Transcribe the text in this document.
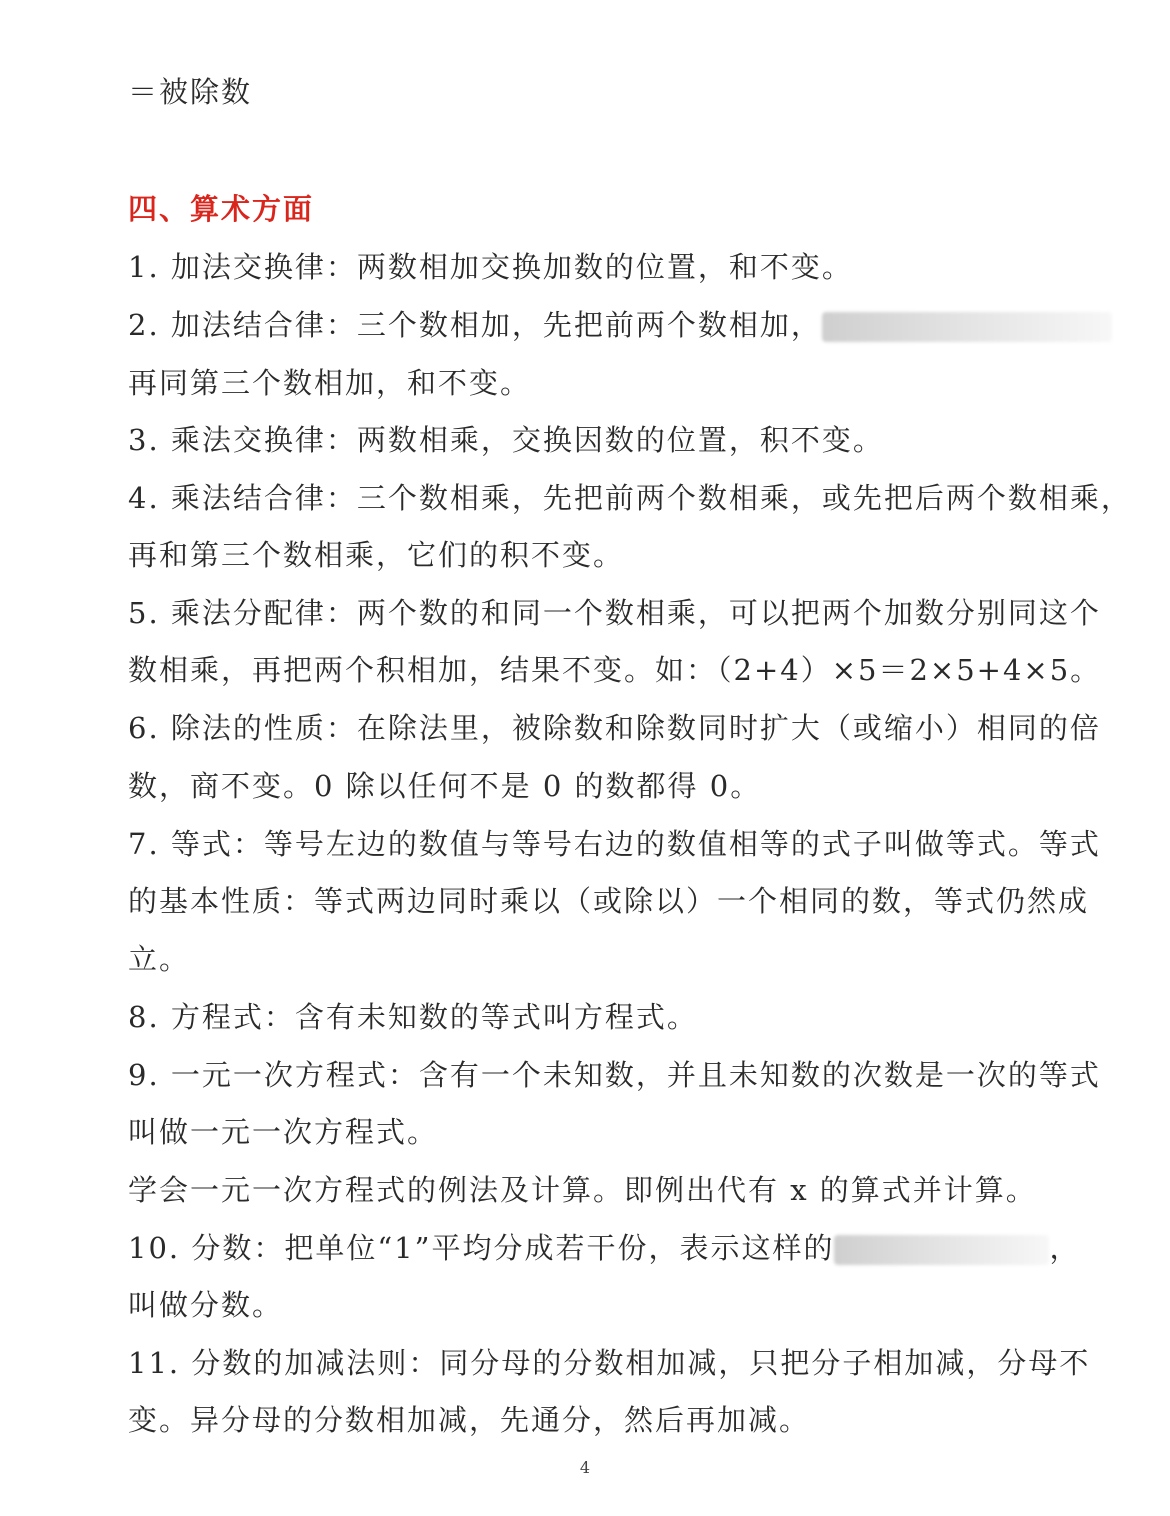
＝被除数
四、算术方面
1. 加法交换律：两数相加交换加数的位置，和不变。
2. 加法结合律：三个数相加，先把前两个数相加，
再同第三个数相加，和不变。
3. 乘法交换律：两数相乘，交换因数的位置，积不变。
4. 乘法结合律：三个数相乘，先把前两个数相乘，或先把后两个数相乘，
再和第三个数相乘，它们的积不变。
5. 乘法分配律：两个数的和同一个数相乘，可以把两个加数分别同这个
数相乘，再把两个积相加，结果不变。如：（2+4）×5＝2×5+4×5。
6. 除法的性质：在除法里，被除数和除数同时扩大（或缩小）相同的倍
数，商不变。0 除以任何不是 0 的数都得 0。
7. 等式：等号左边的数值与等号右边的数值相等的式子叫做等式。等式
的基本性质：等式两边同时乘以（或除以）一个相同的数，等式仍然成
立。
8. 方程式：含有未知数的等式叫方程式。
9. 一元一次方程式：含有一个未知数，并且未知数的次数是一次的等式
叫做一元一次方程式。
学会一元一次方程式的例法及计算。即例出代有 x 的算式并计算。
10. 分数：把单位“1”平均分成若干份，表示这样的	，
叫做分数。
11. 分数的加减法则：同分母的分数相加减，只把分子相加减，分母不
变。异分母的分数相加减，先通分，然后再加减。
4
